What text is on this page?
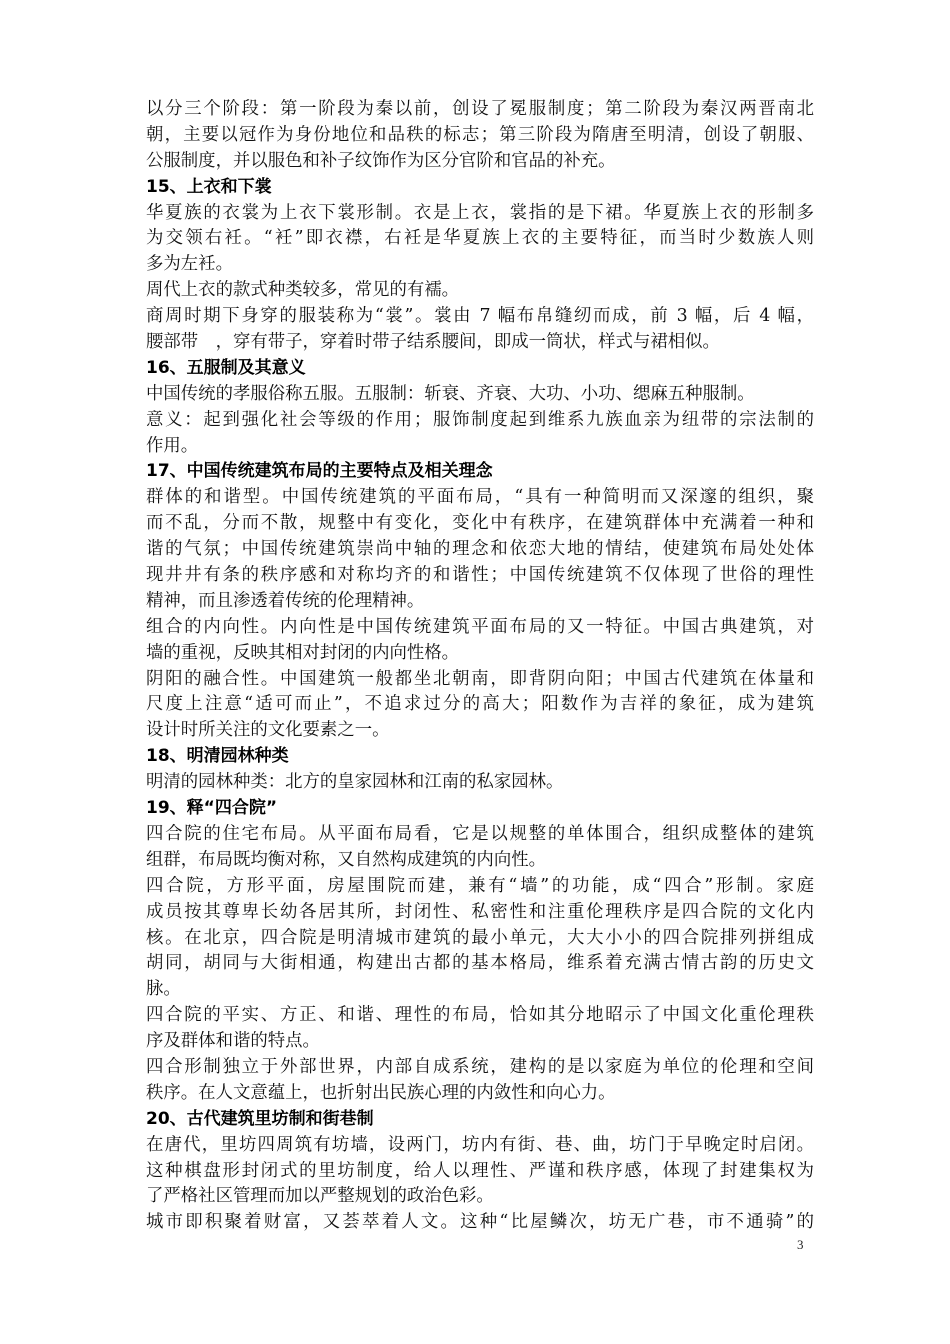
以分三个阶段：第一阶段为秦以前，创设了冕服制度；第二阶段为秦汉两晋南北
朝，主要以冠作为身份地位和品秩的标志；第三阶段为隋唐至明清，创设了朝服、
公服制度，并以服色和补子纹饰作为区分官阶和官品的补充。
15、上衣和下裳
华夏族的衣裳为上衣下裳形制。衣是上衣，裳指的是下裙。华夏族上衣的形制多
为交领右衽。“衽”即衣襟，右衽是华夏族上衣的主要特征，而当时少数族人则
多为左衽。
周代上衣的款式种类较多，常见的有襦。
商周时期下身穿的服装称为“裳”。裳由 7 幅布帛缝纫而成，前 3 幅，后 4 幅，
腰部带　，穿有带子，穿着时带子结系腰间，即成一筒状，样式与裙相似。
16、五服制及其意义
中国传统的孝服俗称五服。五服制：斩衰、齐衰、大功、小功、缌麻五种服制。
意义：起到强化社会等级的作用；服饰制度起到维系九族血亲为纽带的宗法制的
作用。
17、中国传统建筑布局的主要特点及相关理念
群体的和谐型。中国传统建筑的平面布局，“具有一种简明而又深邃的组织，聚
而不乱，分而不散，规整中有变化，变化中有秩序，在建筑群体中充满着一种和
谐的气氛；中国传统建筑崇尚中轴的理念和依恋大地的情结，使建筑布局处处体
现井井有条的秩序感和对称均齐的和谐性；中国传统建筑不仅体现了世俗的理性
精神，而且渗透着传统的伦理精神。
组合的内向性。内向性是中国传统建筑平面布局的又一特征。中国古典建筑，对
墙的重视，反映其相对封闭的内向性格。
阴阳的融合性。中国建筑一般都坐北朝南，即背阴向阳；中国古代建筑在体量和
尺度上注意“适可而止”，不追求过分的高大；阳数作为吉祥的象征，成为建筑
设计时所关注的文化要素之一。
18、明清园林种类
明清的园林种类：北方的皇家园林和江南的私家园林。
19、释“四合院”
四合院的住宅布局。从平面布局看，它是以规整的单体围合，组织成整体的建筑
组群，布局既均衡对称，又自然构成建筑的内向性。
四合院，方形平面，房屋围院而建，兼有“墙”的功能，成“四合”形制。家庭
成员按其尊卑长幼各居其所，封闭性、私密性和注重伦理秩序是四合院的文化内
核。在北京，四合院是明清城市建筑的最小单元，大大小小的四合院排列拼组成
胡同，胡同与大街相通，构建出古都的基本格局，维系着充满古情古韵的历史文
脉。
四合院的平实、方正、和谐、理性的布局，恰如其分地昭示了中国文化重伦理秩
序及群体和谐的特点。
四合形制独立于外部世界，内部自成系统，建构的是以家庭为单位的伦理和空间
秩序。在人文意蕴上，也折射出民族心理的内敛性和向心力。
20、古代建筑里坊制和街巷制
在唐代，里坊四周筑有坊墙，设两门，坊内有街、巷、曲，坊门于早晚定时启闭。
这种棋盘形封闭式的里坊制度，给人以理性、严谨和秩序感，体现了封建集权为
了严格社区管理而加以严整规划的政治色彩。
城市即积聚着财富，又荟萃着人文。这种“比屋鳞次，坊无广巷，市不通骑”的
3
